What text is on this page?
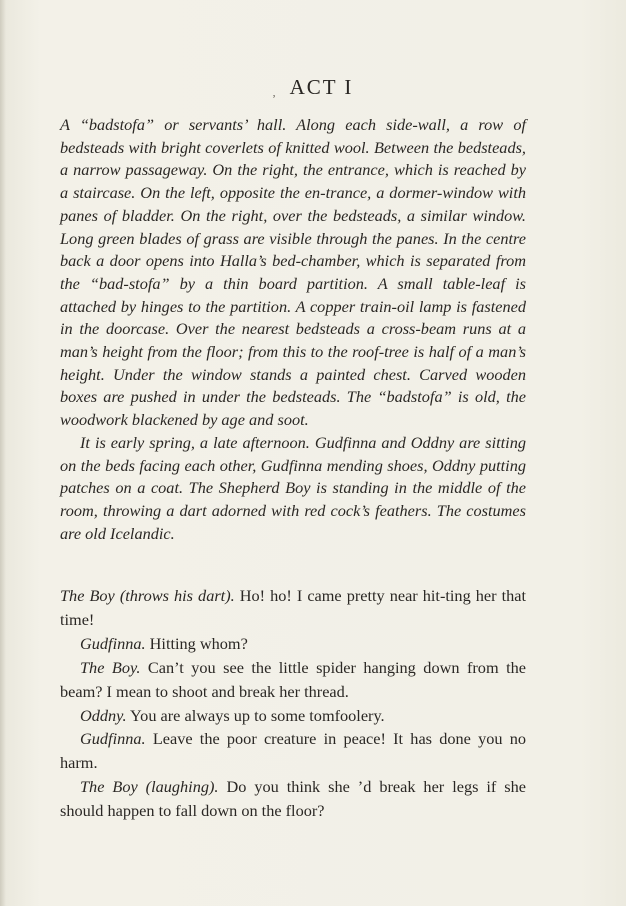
, ACT I

A “badstofa” or servants’ hall. Along each side-wall, a row of bedsteads with bright coverlets of knitted wool. Between the bedsteads, a narrow passageway. On the right, the entrance, which is reached by a staircase. On the left, opposite the en-trance, a dormer-window with panes of bladder. On the right, over the bedsteads, a similar window. Long green blades of grass are visible through the panes. In the centre back a door opens into Halla’s bed-chamber, which is separated from the “bad-stofa” by a thin board partition. A small table-leaf is attached by hinges to the partition. A copper train-oil lamp is fastened in the doorcase. Over the nearest bedsteads a cross-beam runs at a man’s height from the floor; from this to the roof-tree is half of a man’s height. Under the window stands a painted chest. Carved wooden boxes are pushed in under the bedsteads. The “badstofa” is old, the woodwork blackened by age and soot.

It is early spring, a late afternoon. Gudfinna and Oddny are sitting on the beds facing each other, Gudfinna mending shoes, Oddny putting patches on a coat. The Shepherd Boy is standing in the middle of the room, throwing a dart adorned with red cock’s feathers. The costumes are old Icelandic.

The Boy (throws his dart). Ho! ho! I came pretty near hit-ting her that time!

Gudfinna. Hitting whom?

The Boy. Can’t you see the little spider hanging down from the beam? I mean to shoot and break her thread.

Oddny. You are always up to some tomfoolery.

Gudfinna. Leave the poor creature in peace! It has done you no harm.

The Boy (laughing). Do you think she ’d break her legs if she should happen to fall down on the floor?
